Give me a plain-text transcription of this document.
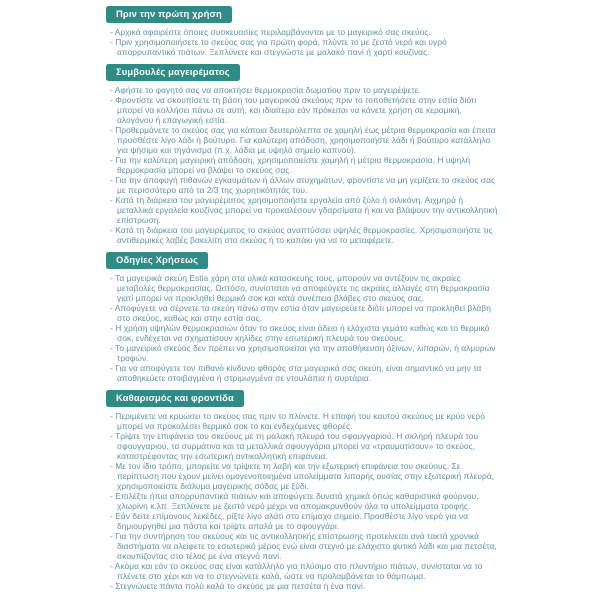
Πριν την πρώτη χρήση
- Αρχικά αφαιρέστε όποιες συσκευασίες περιλαμβάνονται με το μαγειρικό σας σκεύος.
- Πριν χρησιμοποιήσετε το σκεύος σας για πρώτη φορά, πλύντε το με ζεστό νερό και υγρό απορρυπαντικό πιάτων. Ξεπλύνετε και στεγνώστε με μαλακό πανί ή χαρτί κουζίνας.
Συμβουλές μαγειρέματος
- Αφήστε το φαγητό σας να αποκτήσει θερμοκρασία δωματίου πριν το μαγειρέψετε.
- Φροντίστε να σκουπίσετε τη βάση του μαγειρικού σκεύους πριν το τοποθετήσετε στην εστία διότι μπορεί να κολλήσει πάνω σε αυτή, και ιδιαίτερα εάν πρόκειται να κάνετε χρήση σε κεραμική, αλογόνου ή επαγωγική εστία.
- Προθερμάνετε το σκεύος σας για κάποια δευτερόλεπτα σε χαμηλή έως μέτρια θερμοκρασία και έπειτα προσθέστε λίγο λάδι ή βούτυρο. Για καλύτερη απόδοση, χρησιμοποιήστε λάδι ή βούτυρο κατάλληλο για ψήσιμο και τηγάνισμα (π.χ. λάδια με υψηλό σημείο καπνού).
- Για την καλύτερη μαγειρική απόδοση, χρησιμοποιείστε χαμηλή ή μέτρια θερμοκρασία. Η υψηλή θερμοκρασία μπορεί να βλάψει το σκεύος σας.
- Για την αποφυγή πιθανών εγκαυμάτων ή άλλων ατυχημάτων, φροντίστε να μη γεμίζετε το σκεύος σας με περισσότερο από τα 2/3 της χωρητικότητάς του.
- Κατά τη διάρκεια του μαγειρέματος χρησιμοποιήστε εργαλεία από ξύλο ή σιλικόνη. Αιχμηρά ή μεταλλικά εργαλεία κουζίνας μπορεί να προκαλέσουν γδαρσίματα ή και να βλάψουν την αντικολλητική επίστρωση.
- Κατά τη διάρκεια του μαγειρέματος το σκεύος αναπτύσσει υψηλές θερμοκρασίες. Χρησιμοποιήστε τις αντιθερμικές λαβές βακελίτη στο σκεύος ή το καπάκι για να το μεταφέρετε.
Οδηγίες Χρήσεως
- Τα μαγειρικά σκεύη Estia χάρη στα υλικά κατασκευής τους, μπορούν να αντέξουν τις ακραίες μεταβολές θερμοκρασίας. Ωστόσο, συνίσταται να αποφεύγετε τις ακραίες αλλαγές στη θερμοκρασία γιατί μπορεί να προκληθεί θερμικό σοκ και κατά συνέπεια βλάβες στο σκεύος σας.
- Αποφύγετε να σέρνετε τα σκεύη πάνω στην εστία όταν μαγειρεύετε διότι μπορεί να προκληθεί βλάβη στο σκεύος, καθώς και στην εστία σας.
- Η χρήση υψηλών θερμοκρασιών όταν το σκεύος είναι άδειο ή ελάχιστα γεμάτο καθώς και το θερμικό σοκ, ενδέχεται να σχηματίσουν κηλίδες στην εσωτερική πλευρά του σκεύους.
- Το μαγειρικό σκεύος δεν πρέπει να χρησιμοποιείται για την αποθήκευση όξινων, λιπαρών, ή αλμυρών τροφών.
- Για να αποφύγετε τον πιθανό κίνδυνο φθοράς στα μαγειρικά σας σκεύη, είναι σημαντικό να μην τα αποθηκεύετε στοιβαγμένα ή στριμωγμένα σε ντουλάπια ή συρτάρια.
Καθαρισμός και φροντίδα
- Περιμένετε να κρυώσει το σκεύος σας πριν το πλύνετε. Η επαφή του καυτού σκεύους με κρύο νερό μπορεί να προκαλέσει θερμικό σοκ το και ενδεχόμενες φθορές.
- Τρίψτε την επιφάνεια του σκεύους με τη μαλακή πλευρά του σφουγγαριού. Η σκληρή πλευρά του σφουγγαριού, τα συρμάτινα και τα μεταλλικά σφουγγάρια μπορεί να «τραυματίσουν» το σκεύος, καταστρέφοντας την εσωτερική αντικολλητική επιφάνεια.
- Με τον ίδιο τρόπο, μπορείτε να τρίψετε τη λαβή και την εξωτερική επιφάνεια του σκεύους. Σε περίπτωση που έχουν μείνει ομογενοποιημένα υπολείμματα λιπαρής ουσίας στην εξωτερική πλευρά, χρησιμοποιείστε διάλυμα μαγειρικής σόδας με ξύδι.
- Επιλέξτε ήπια απορρυπαντικά πιάτων και αποφύγετε δυνατά χημικά όπως καθαριστικά φούρνου, χλωρίνη κ.λπ. Ξεπλύνετε με ζεστό νερό μέχρι να απομακρυνθούν όλα τα υπολείμματα τροφής.
- Εάν δείτε επίμονους λεκέδες, ρίξτε λίγο αλάτι στο επίμαχο σημείο. Προσθέστε λίγο νερό για να δημιουργηθεί μια πάστα και τρίψτε απαλά με το σφουγγάρι.
- Για την συντήρηση του σκεύους και τις αντικολλητικής επίστρωσης προτείνεται ανά τακτά χρονικά διαστήματα να αλείφετε το εσωτερικό μέρος ενώ είναι στεγνό με ελάχιστο φυτικό λάδι και μια πετσέτα, σκουπίζοντας στο τέλος με ένα στεγνό πανί.
- Ακόμα και εάν το σκεύος σας είναι κατάλληλο για πλύσιμο στο πλυντήριο πιάτων, συνίσταται να το πλένετε στο χέρι και να το στεγνώνετε καλά, ώστε να προλαμβάνεται το θάμπωμα.
- Στεγνώνετε πάντα πολύ καλά το σκεύος με μια πετσέτα ή ένα πανί.
